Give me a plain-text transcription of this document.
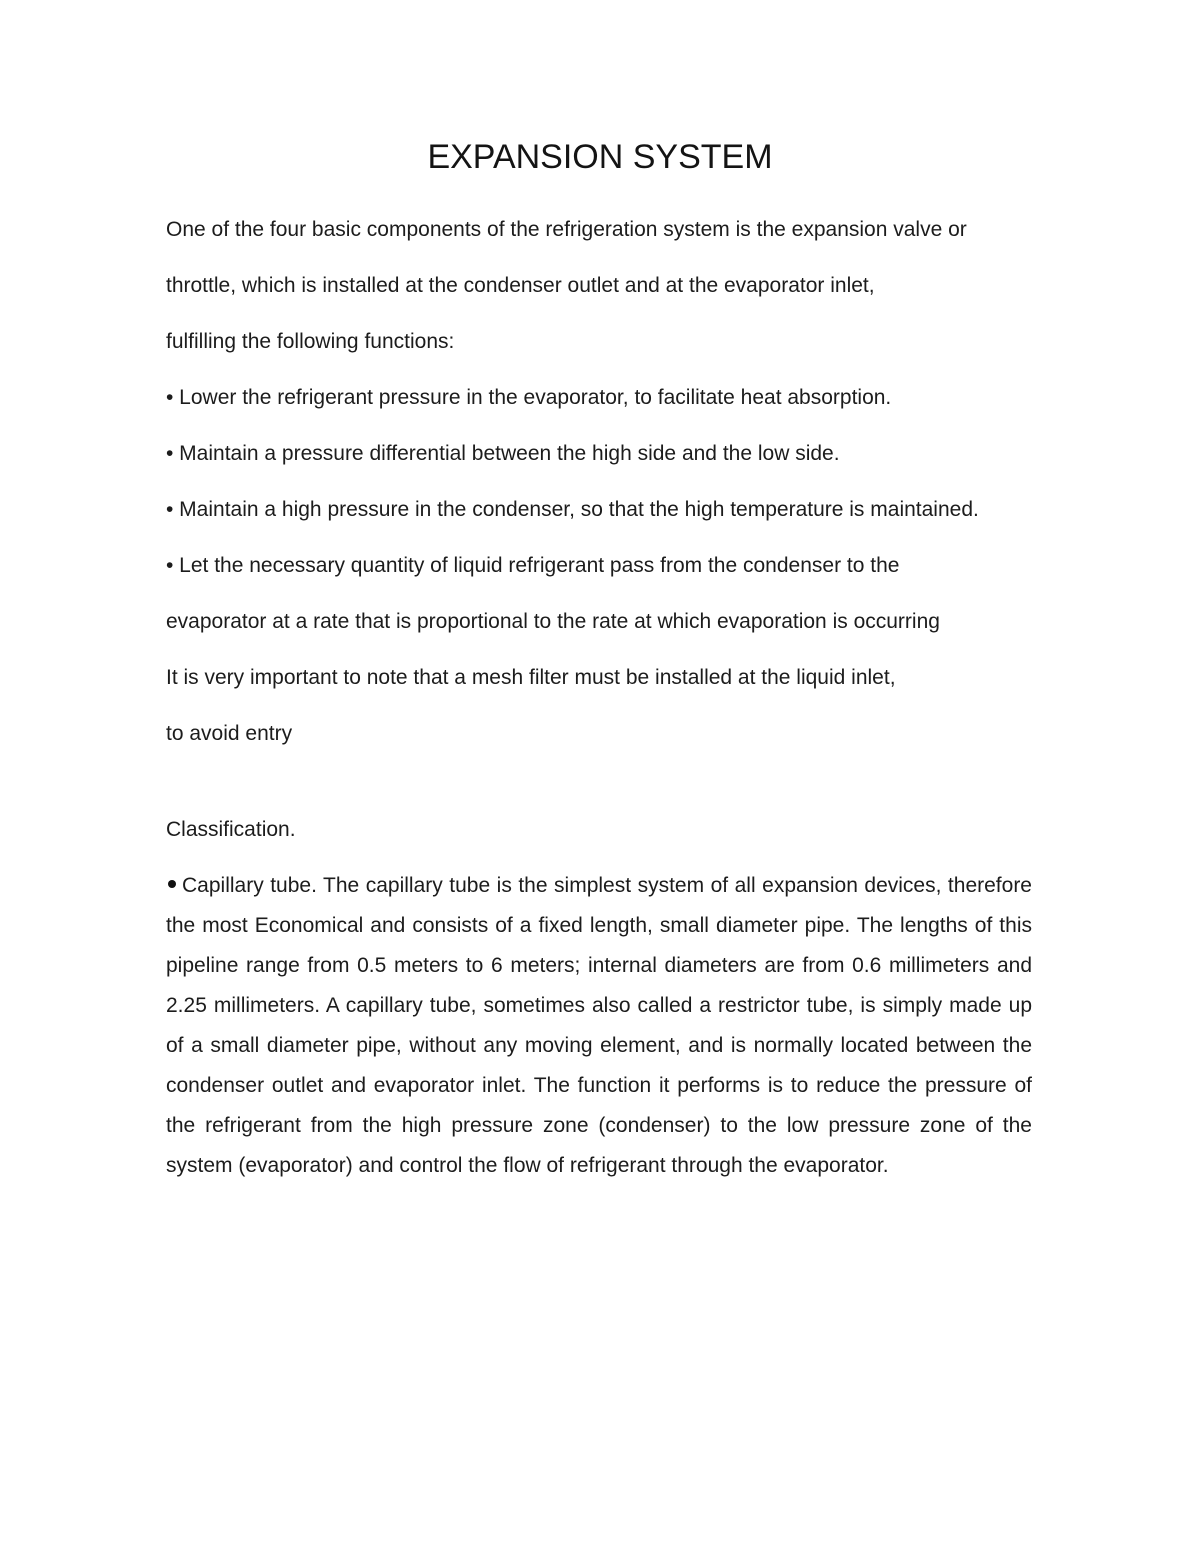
EXPANSION SYSTEM

One of the four basic components of the refrigeration system is the expansion valve or

throttle, which is installed at the condenser outlet and at the evaporator inlet,

fulfilling the following functions:

• Lower the refrigerant pressure in the evaporator, to facilitate heat absorption.

• Maintain a pressure differential between the high side and the low side.

• Maintain a high pressure in the condenser, so that the high temperature is maintained.

• Let the necessary quantity of liquid refrigerant pass from the condenser to the

evaporator at a rate that is proportional to the rate at which evaporation is occurring

It is very important to note that a mesh filter must be installed at the liquid inlet,

to avoid entry

Classification.

Capillary tube. The capillary tube is the simplest system of all expansion devices, therefore the most Economical and consists of a fixed length, small diameter pipe. The lengths of this pipeline range from 0.5 meters to 6 meters; internal diameters are from 0.6 millimeters and 2.25 millimeters. A capillary tube, sometimes also called a restrictor tube, is simply made up of a small diameter pipe, without any moving element, and is normally located between the condenser outlet and evaporator inlet. The function it performs is to reduce the pressure of the refrigerant from the high pressure zone (condenser) to the low pressure zone of the system (evaporator) and control the flow of refrigerant through the evaporator.
